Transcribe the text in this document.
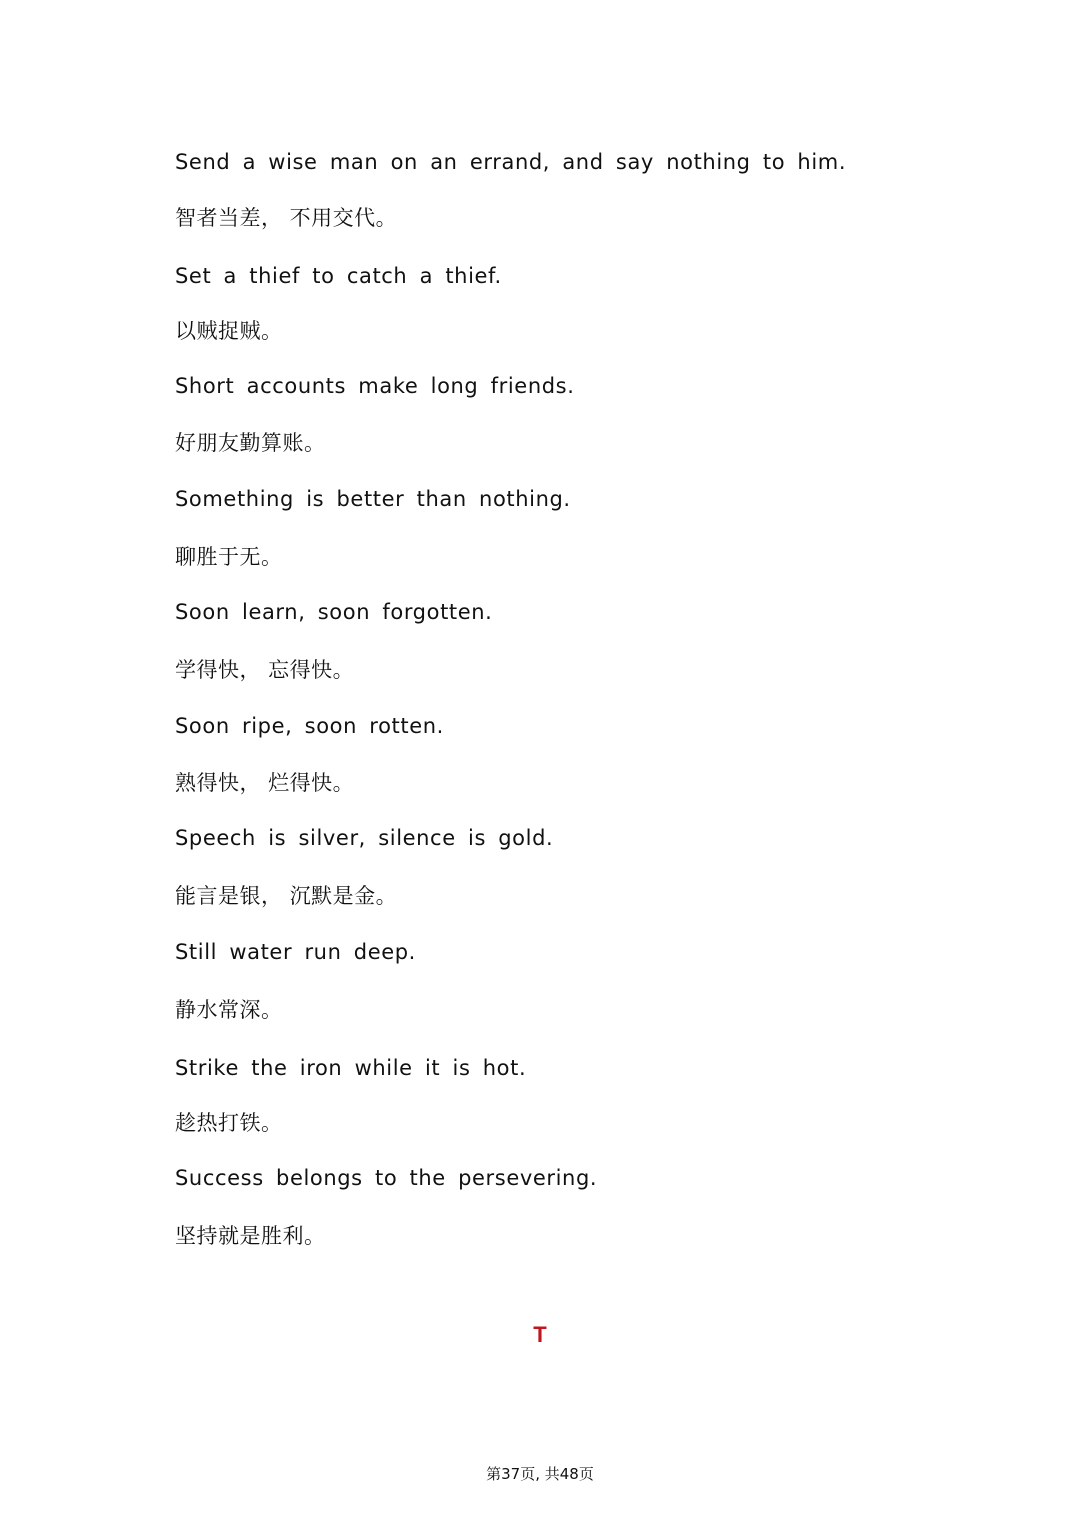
Send a wise man on an errand, and say nothing to him.
智者当差， 不用交代。
Set a thief to catch a thief.
以贼捉贼。
Short accounts make long friends.
好朋友勤算账。
Something is better than nothing.
聊胜于无。
Soon learn, soon forgotten.
学得快， 忘得快。
Soon ripe, soon rotten.
熟得快， 烂得快。
Speech is silver, silence is gold.
能言是银， 沉默是金。
Still water run deep.
静水常深。
Strike the iron while it is hot.
趁热打铁。
Success belongs to the persevering.
坚持就是胜利。
T
第37页, 共48页
